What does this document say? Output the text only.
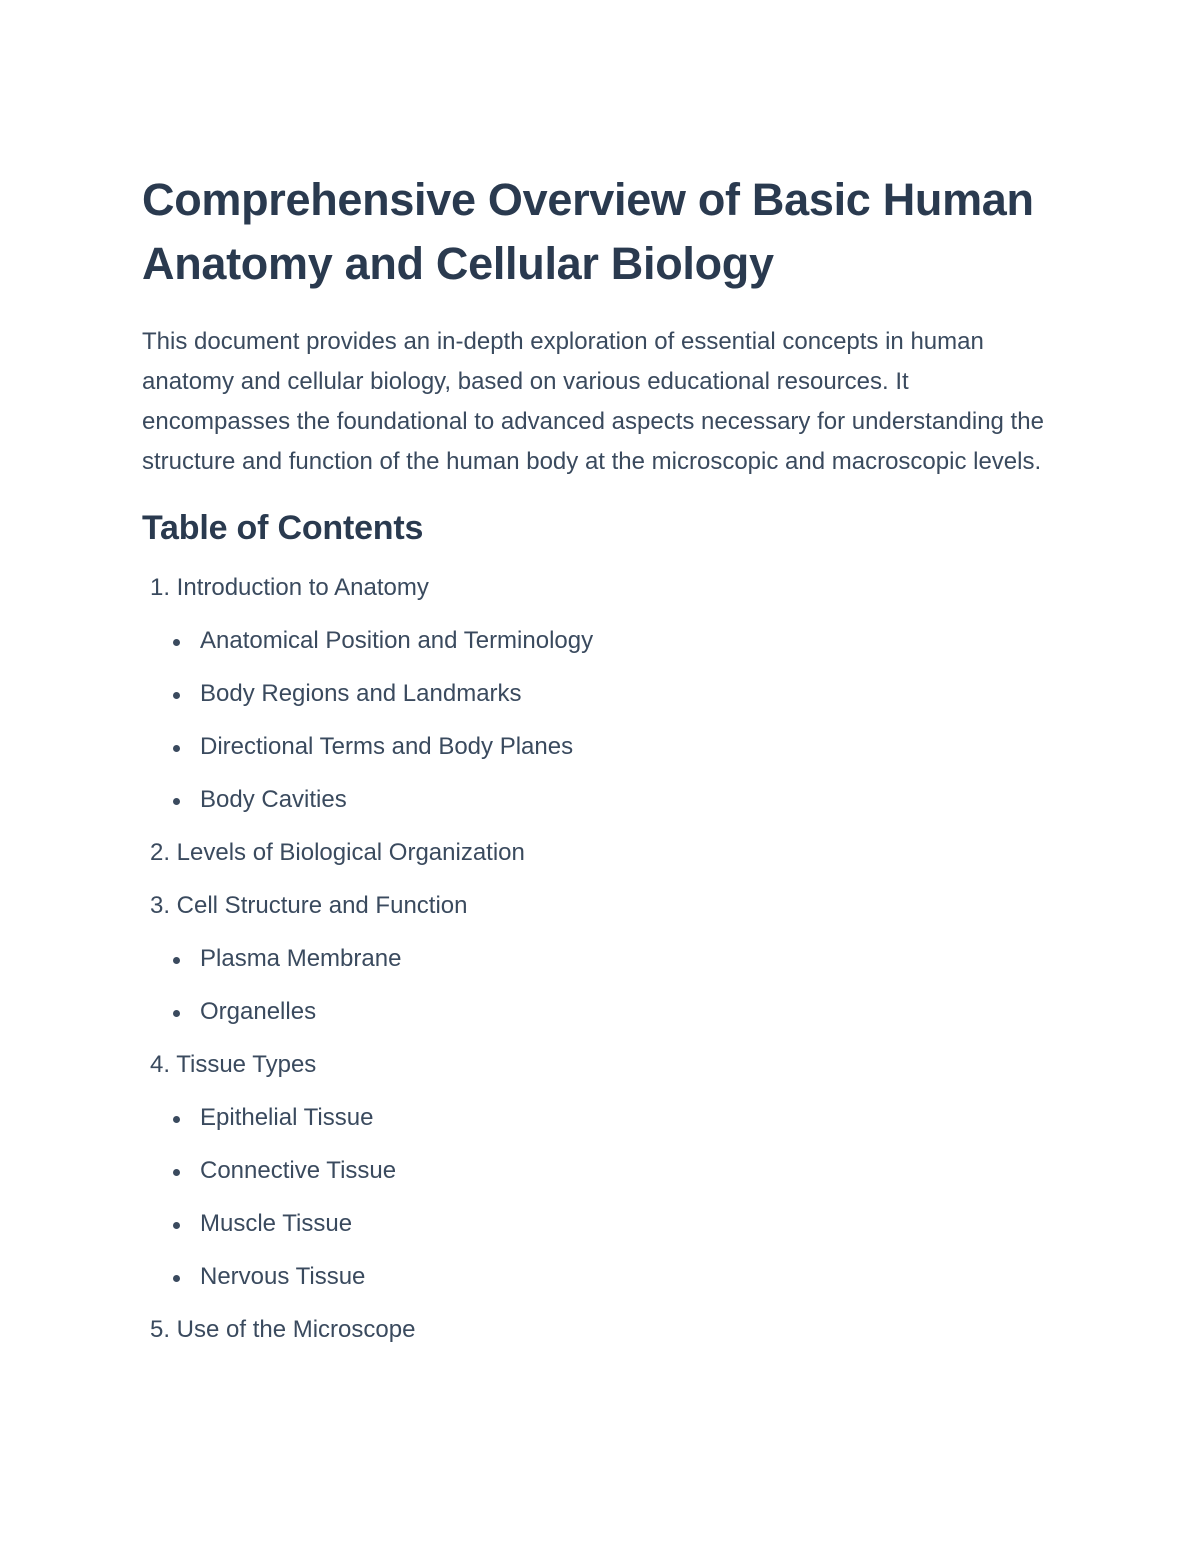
Comprehensive Overview of Basic Human Anatomy and Cellular Biology

This document provides an in-depth exploration of essential concepts in human anatomy and cellular biology, based on various educational resources. It encompasses the foundational to advanced aspects necessary for understanding the structure and function of the human body at the microscopic and macroscopic levels.

Table of Contents
1. Introduction to Anatomy
Anatomical Position and Terminology
Body Regions and Landmarks
Directional Terms and Body Planes
Body Cavities
2. Levels of Biological Organization
3. Cell Structure and Function
Plasma Membrane
Organelles
4. Tissue Types
Epithelial Tissue
Connective Tissue
Muscle Tissue
Nervous Tissue
5. Use of the Microscope
